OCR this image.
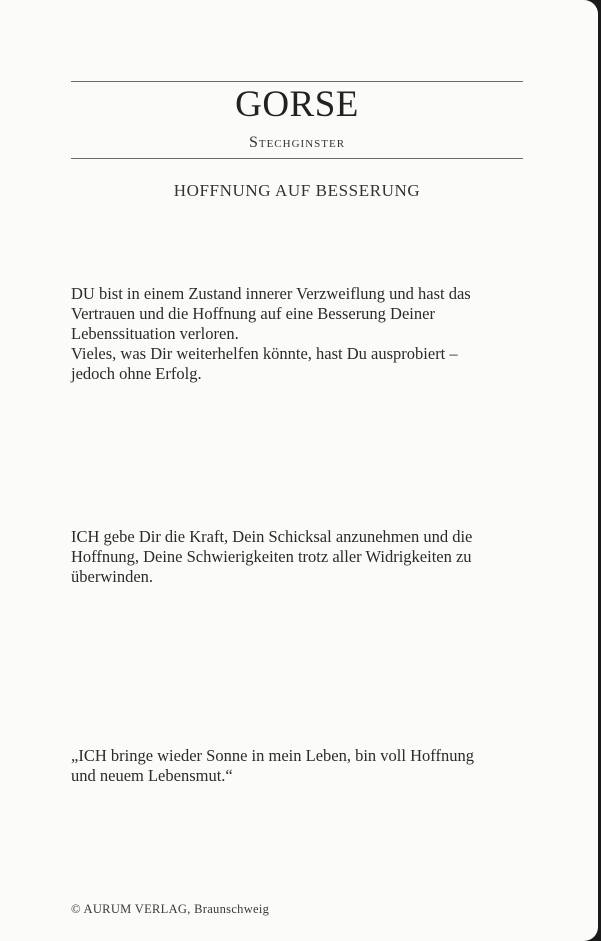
GORSE
Stechginster
HOFFNUNG AUF BESSERUNG

DU bist in einem Zustand innerer Verzweiflung und hast das

Vertrauen und die Hoffnung auf eine Besserung Deiner

Lebenssituation verloren.

Vieles, was Dir weiterhelfen könnte, hast Du ausprobiert –

jedoch ohne Erfolg.

ICH gebe Dir die Kraft, Dein Schicksal anzunehmen und die

Hoffnung, Deine Schwierigkeiten trotz aller Widrigkeiten zu

überwinden.

„ICH bringe wieder Sonne in mein Leben, bin voll Hoffnung

und neuem Lebensmut.“

© AURUM VERLAG, Braunschweig
